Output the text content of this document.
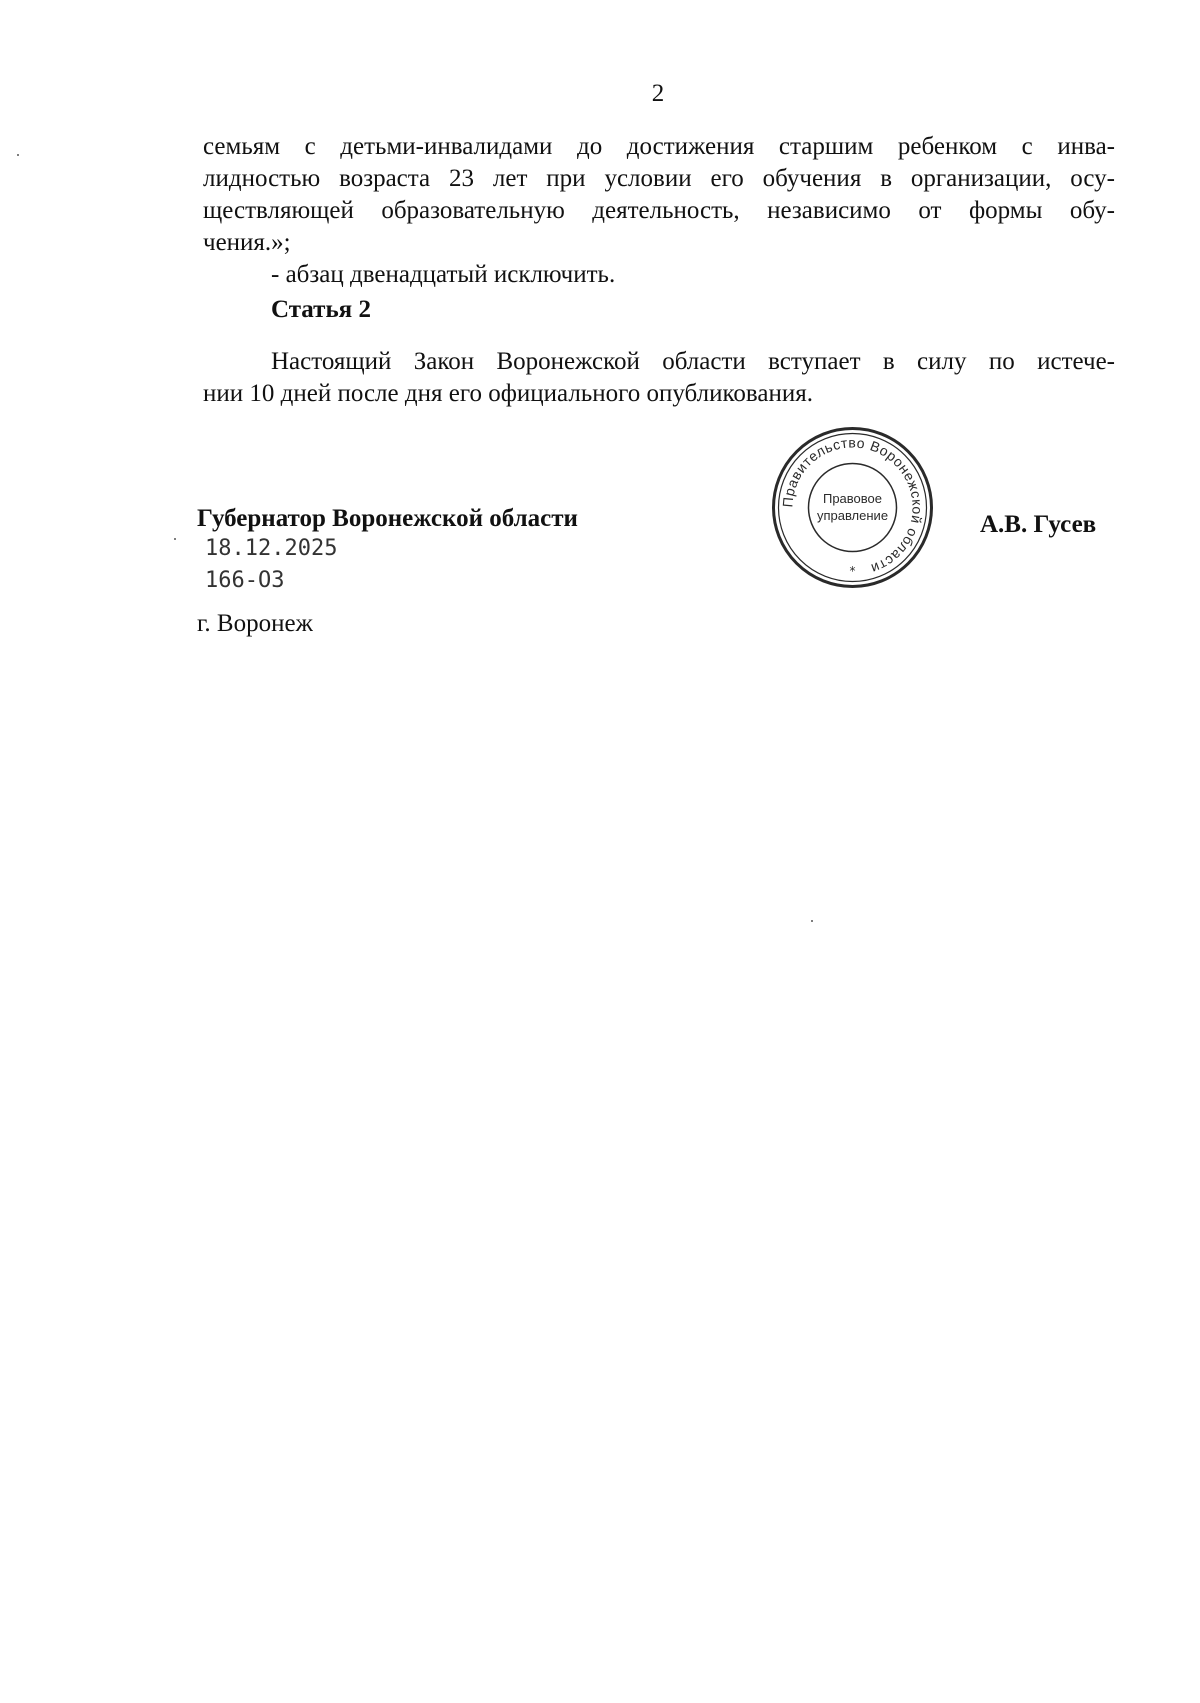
2
семьям с детьми-инвалидами до достижения старшим ребенком с инва-
лидностью возраста 23 лет при условии его обучения в организации, осу-
ществляющей образовательную деятельность, независимо от формы обу-
чения.»;
- абзац двенадцатый исключить.
Статья 2
Настоящий Закон Воронежской области вступает в силу по истече-
нии 10 дней после дня его официального опубликования.
Губернатор Воронежской области	А.В. Гусев
18.12.2025
166-ОЗ
г. Воронеж
Правительство Воронежской области
Правовое
управление
*
